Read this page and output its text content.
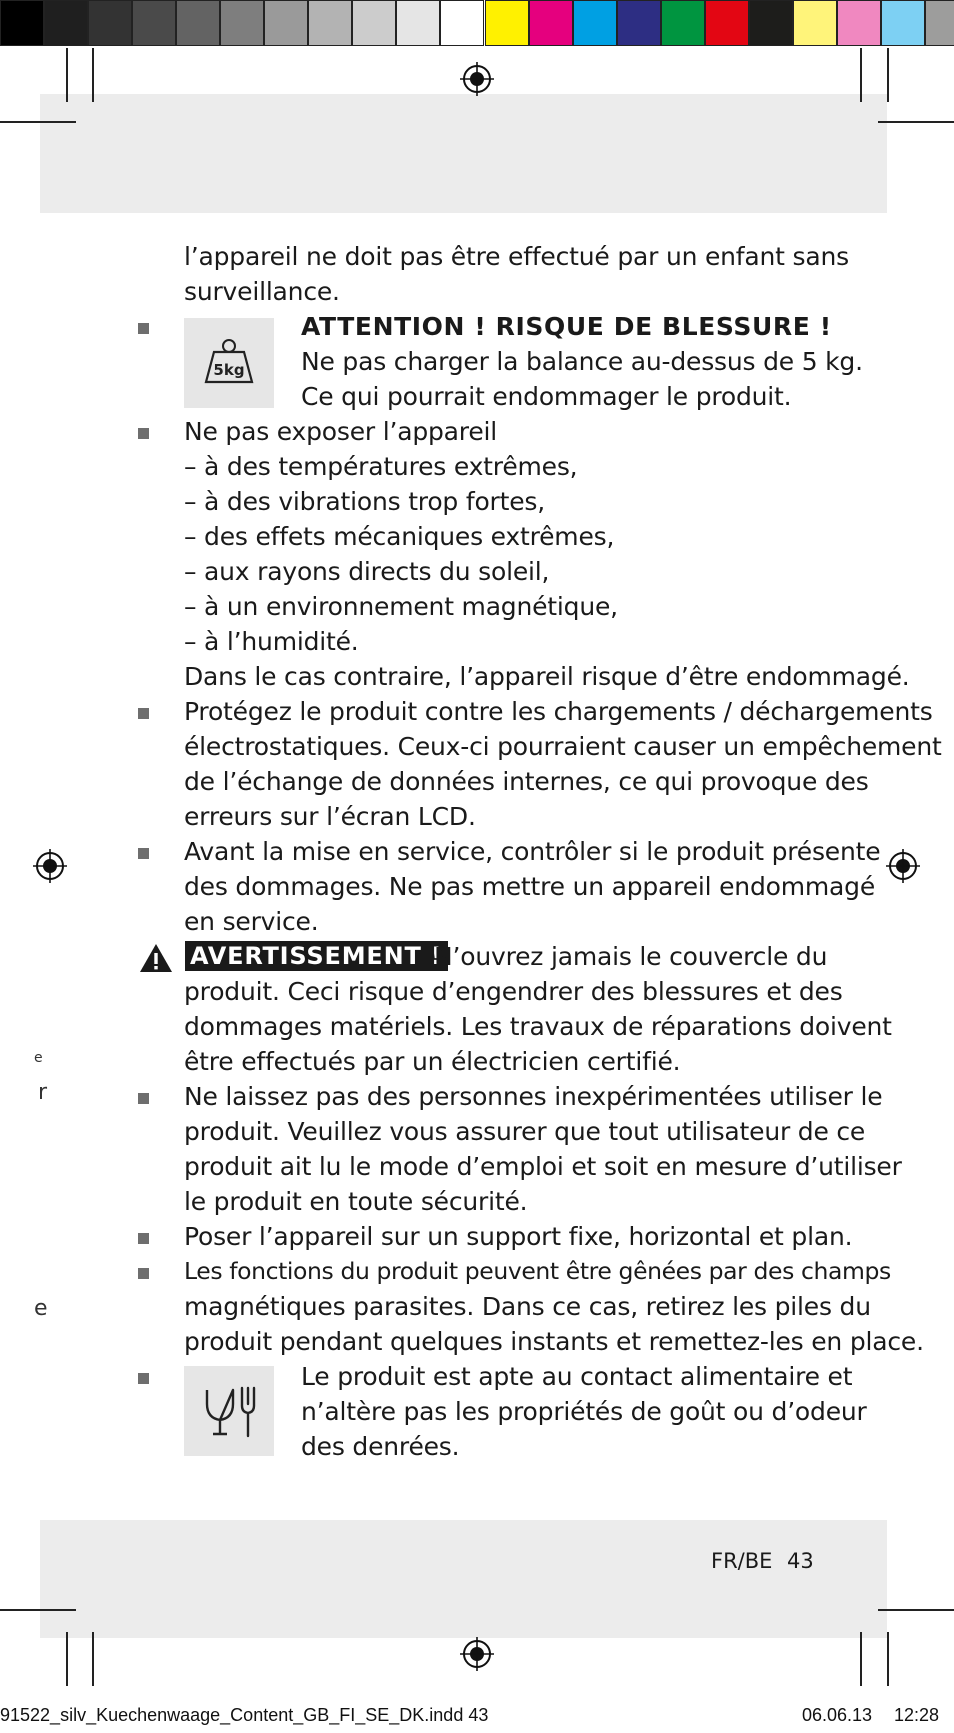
e
r
e
l’appareil ne doit pas être effectué par un enfant sans
surveillance.
5kg
ATTENTION ! RISQUE DE BLESSURE !
Ne pas charger la balance au-dessus de 5 kg.
Ce qui pourrait endommager le produit.
Ne pas exposer l’appareil
– à des températures extrêmes,
– à des vibrations trop fortes,
– des effets mécaniques extrêmes,
– aux rayons directs du soleil,
– à un environnement magnétique,
– à l’humidité.
Dans le cas contraire, l’appareil risque d’être endommagé.
Protégez le produit contre les chargements / déchargements
électrostatiques. Ceux-ci pourraient causer un empêchement
de l’échange de données internes, ce qui provoque des
erreurs sur l’écran LCD.
Avant la mise en service, contrôler si le produit présente
des dommages. Ne pas mettre un appareil endommagé
en service.
AVERTISSEMENT !
N’ouvrez jamais le couvercle du
produit. Ceci risque d’engendrer des blessures et des
dommages matériels. Les travaux de réparations doivent
être effectués par un électricien certifié.
Ne laissez pas des personnes inexpérimentées utiliser le
produit. Veuillez vous assurer que tout utilisateur de ce
produit ait lu le mode d’emploi et soit en mesure d’utiliser
le produit en toute sécurité.
Poser l’appareil sur un support fixe, horizontal et plan.
Les fonctions du produit peuvent être gênées par des champs
magnétiques parasites. Dans ce cas, retirez les piles du
produit pendant quelques instants et remettez-les en place.
Le produit est apte au contact alimentaire et
n’altère pas les propriétés de goût ou d’odeur
des denrées.
FR/BE 43
91522_silv_Kuechenwaage_Content_GB_FI_SE_DK.indd 43	06.06.13 12:28
